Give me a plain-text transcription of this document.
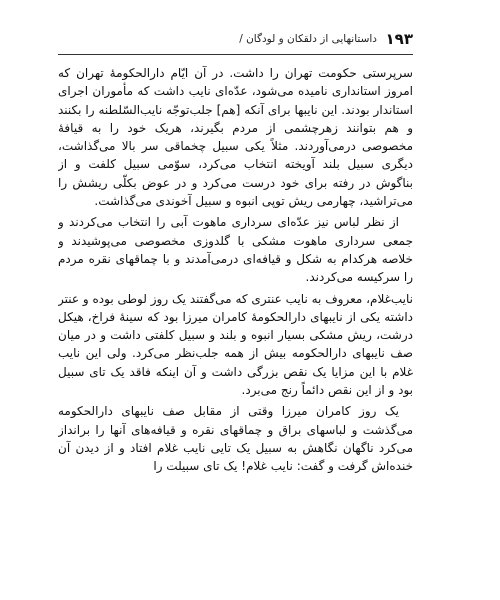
۱۹۳
داستانهایی از دلقکان و لودگان /

سرپرستی حکومت تهران را داشت. در آن ایّام دارالحکومهٔ تهران که امروز استانداری نامیده می‌شود، عدّه‌ای نایب داشت که مأموران اجرای استاندار بودند. این نایبها برای آنکه [هم] جلب‌توجّه نایب‌السّلطنه را بکنند و هم بتوانند زهرچشمی از مردم بگیرند، هریک خود را به قیافهٔ مخصوصی درمی‌آوردند. مثلاً یکی سبیل چخماقی سر بالا می‌گذاشت، دیگری سبیل بلند آویخته انتخاب می‌کرد، سوّمی سبیل کلفت و از بناگوش در رفته برای خود درست می‌کرد و در عوض بکلّی ریشش را می‌تراشید، چهارمی ریش توپی انبوه و سبیل آخوندی می‌گذاشت.

از نظر لباس نیز عدّه‌ای سرداری ماهوت آبی را انتخاب می‌کردند و جمعی سرداری ماهوت مشکی با گلدوزی مخصوصی می‌پوشیدند و خلاصه هرکدام به شکل و قیافه‌ای درمی‌آمدند و با چماقهای نقره مردم را سرکیسه می‌کردند.

نایب‌غلام، معروف به نایب عنتری که می‌گفتند یک روز لوطی بوده و عنتر داشته یکی از نایبهای دارالحکومهٔ کامران میرزا بود که سینهٔ فراخ، هیکل درشت، ریش مشکی بسیار انبوه و بلند و سبیل کلفتی داشت و در میان صف نایبهای دارالحکومه بیش از همه جلب‌نظر می‌کرد. ولی این نایب غلام با این مزایا یک نقص بزرگی داشت و آن اینکه فاقد یک تای سبیل بود و از این نقص دائماً رنج می‌برد.

یک روز کامران میرزا وقتی از مقابل صف نایبهای دارالحکومه می‌گذشت و لباسهای براق و چماقهای نقره و قیافه‌های آنها را برانداز می‌کرد ناگهان نگاهش به سبیل یک تایی نایب غلام افتاد و از دیدن آن خنده‌اش گرفت و گفت: نایب غلام! یک تای سبیلت را
